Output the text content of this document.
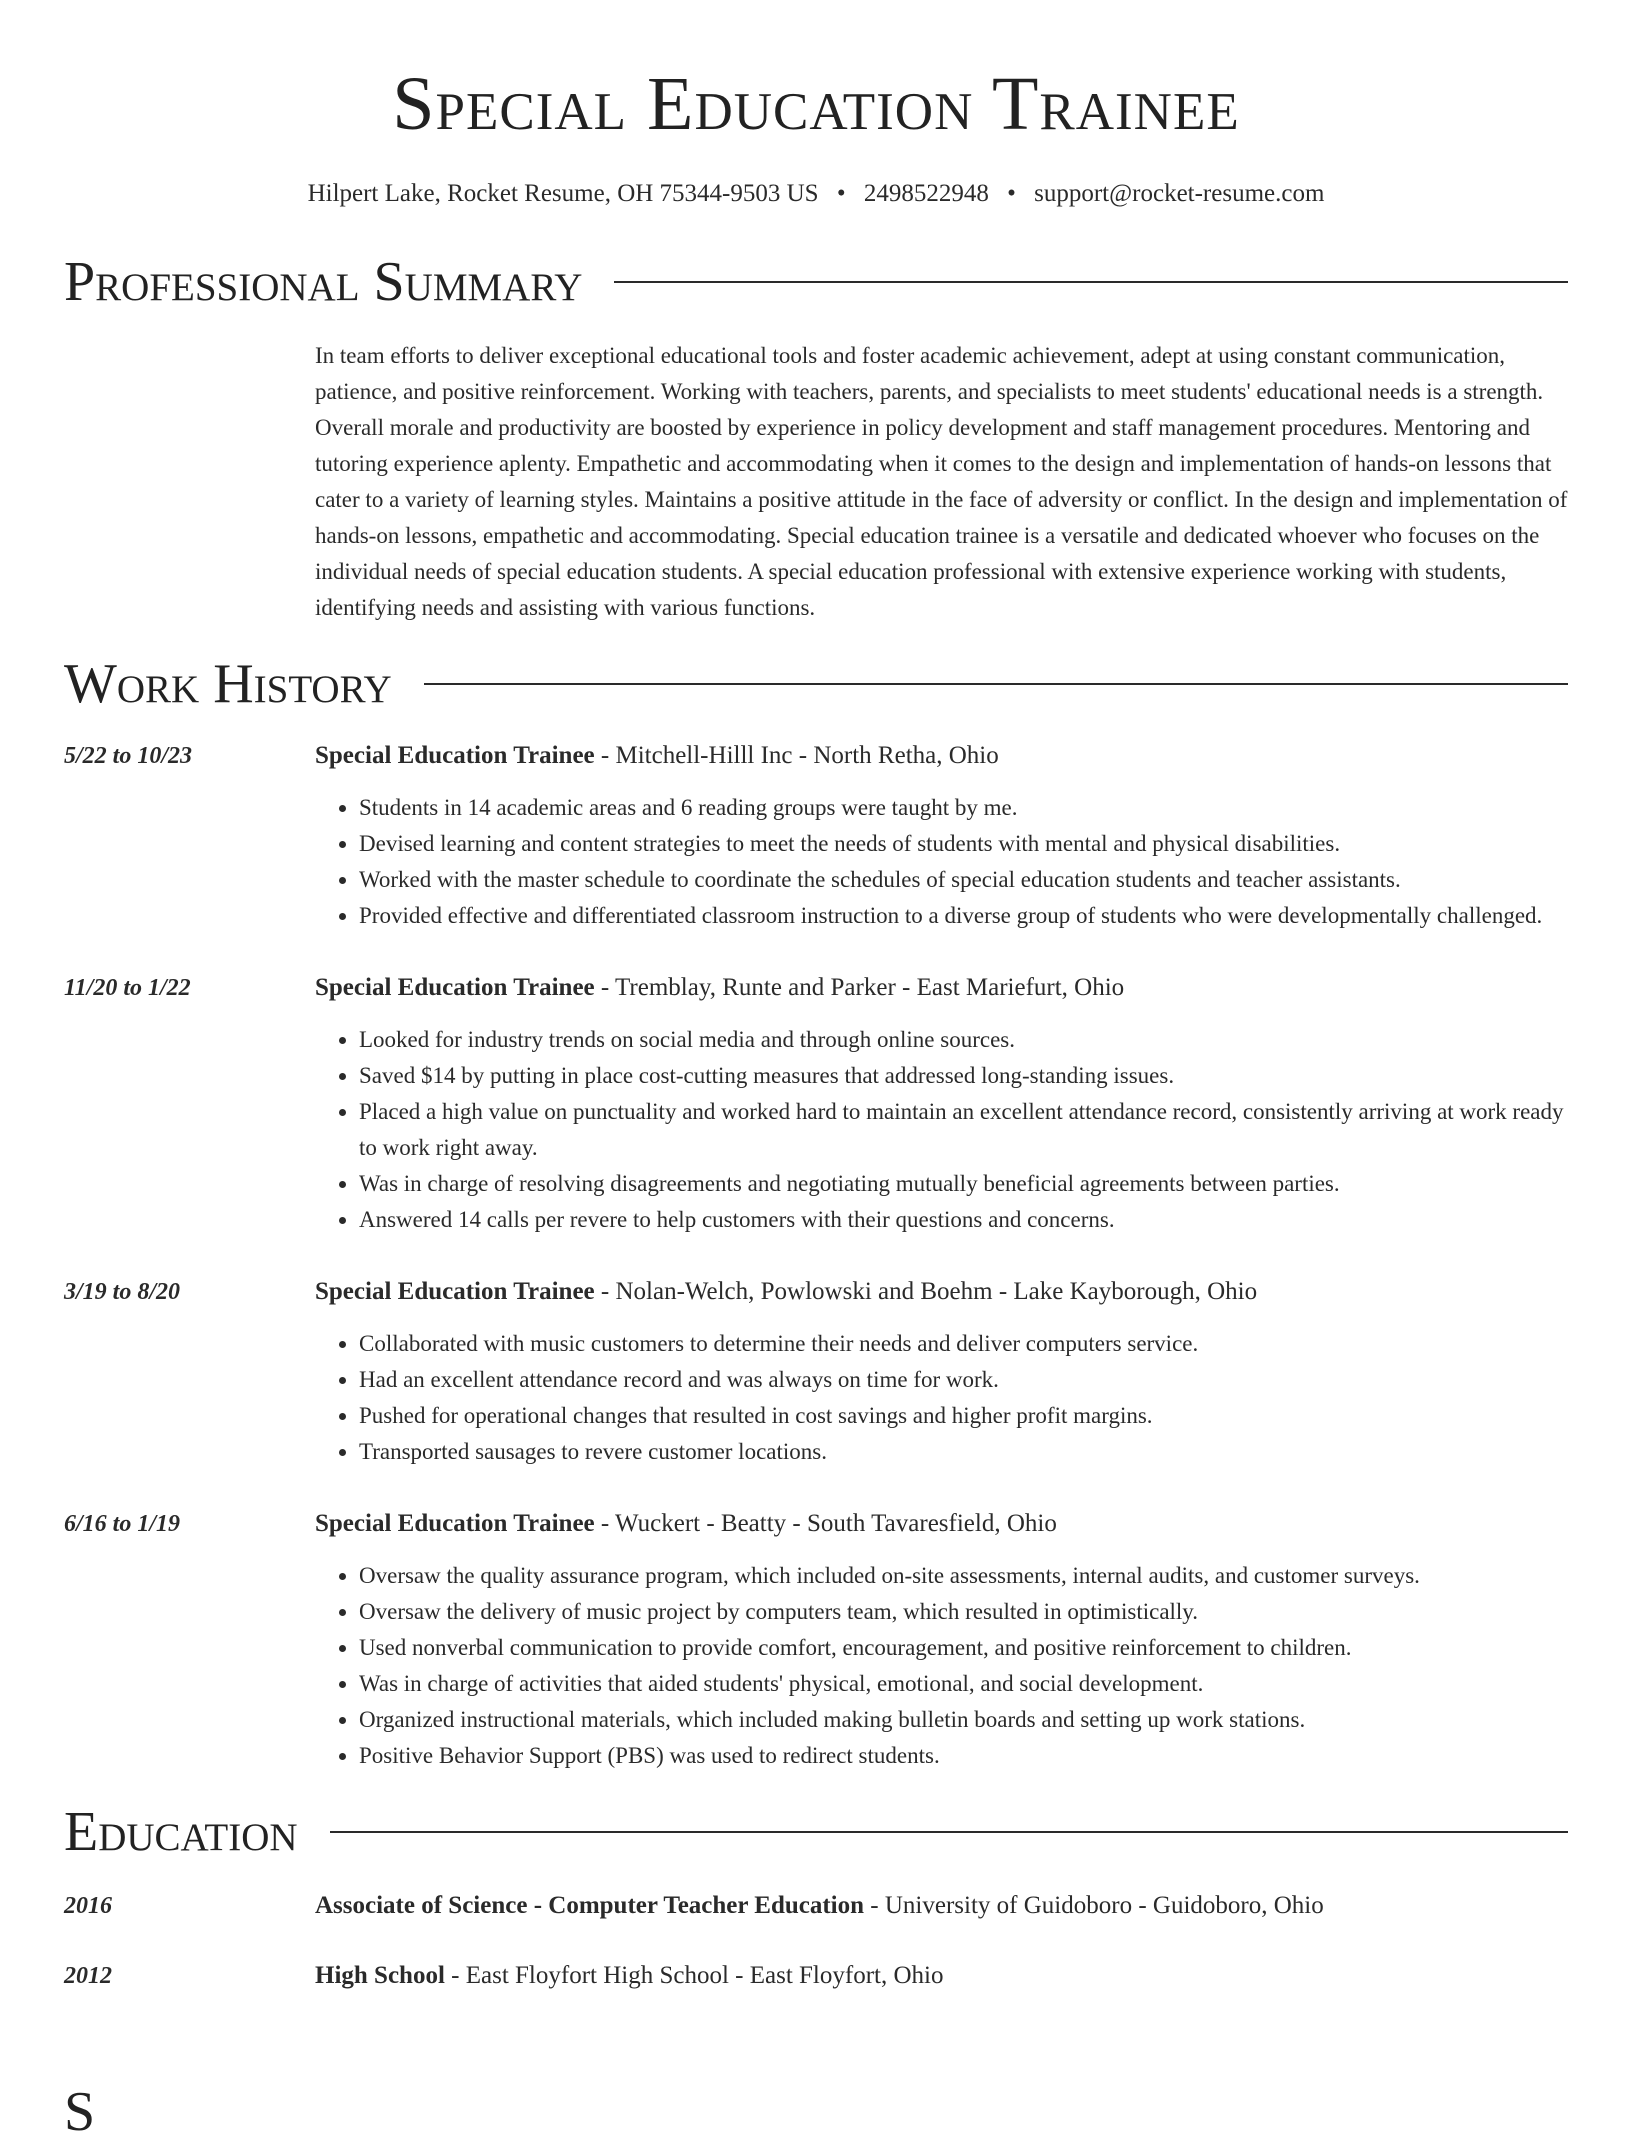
Special Education Trainee
Hilpert Lake, Rocket Resume, OH 75344-9503 US • 2498522948 • support@rocket-resume.com
Professional Summary
In team efforts to deliver exceptional educational tools and foster academic achievement, adept at using constant communication, patience, and positive reinforcement. Working with teachers, parents, and specialists to meet students' educational needs is a strength. Overall morale and productivity are boosted by experience in policy development and staff management procedures. Mentoring and tutoring experience aplenty. Empathetic and accommodating when it comes to the design and implementation of hands-on lessons that cater to a variety of learning styles. Maintains a positive attitude in the face of adversity or conflict. In the design and implementation of hands-on lessons, empathetic and accommodating. Special education trainee is a versatile and dedicated whoever who focuses on the individual needs of special education students. A special education professional with extensive experience working with students, identifying needs and assisting with various functions.
Work History
5/22 to 10/23	Special Education Trainee - Mitchell-Hilll Inc - North Retha, Ohio
• Students in 14 academic areas and 6 reading groups were taught by me.
• Devised learning and content strategies to meet the needs of students with mental and physical disabilities.
• Worked with the master schedule to coordinate the schedules of special education students and teacher assistants.
• Provided effective and differentiated classroom instruction to a diverse group of students who were developmentally challenged.
11/20 to 1/22	Special Education Trainee - Tremblay, Runte and Parker - East Mariefurt, Ohio
• Looked for industry trends on social media and through online sources.
• Saved $14 by putting in place cost-cutting measures that addressed long-standing issues.
• Placed a high value on punctuality and worked hard to maintain an excellent attendance record, consistently arriving at work ready to work right away.
• Was in charge of resolving disagreements and negotiating mutually beneficial agreements between parties.
• Answered 14 calls per revere to help customers with their questions and concerns.
3/19 to 8/20	Special Education Trainee - Nolan-Welch, Powlowski and Boehm - Lake Kayborough, Ohio
• Collaborated with music customers to determine their needs and deliver computers service.
• Had an excellent attendance record and was always on time for work.
• Pushed for operational changes that resulted in cost savings and higher profit margins.
• Transported sausages to revere customer locations.
6/16 to 1/19	Special Education Trainee - Wuckert - Beatty - South Tavaresfield, Ohio
• Oversaw the quality assurance program, which included on-site assessments, internal audits, and customer surveys.
• Oversaw the delivery of music project by computers team, which resulted in optimistically.
• Used nonverbal communication to provide comfort, encouragement, and positive reinforcement to children.
• Was in charge of activities that aided students' physical, emotional, and social development.
• Organized instructional materials, which included making bulletin boards and setting up work stations.
• Positive Behavior Support (PBS) was used to redirect students.
Education
2016	Associate of Science - Computer Teacher Education - University of Guidoboro - Guidoboro, Ohio
2012	High School - East Floyfort High School - East Floyfort, Ohio
S
